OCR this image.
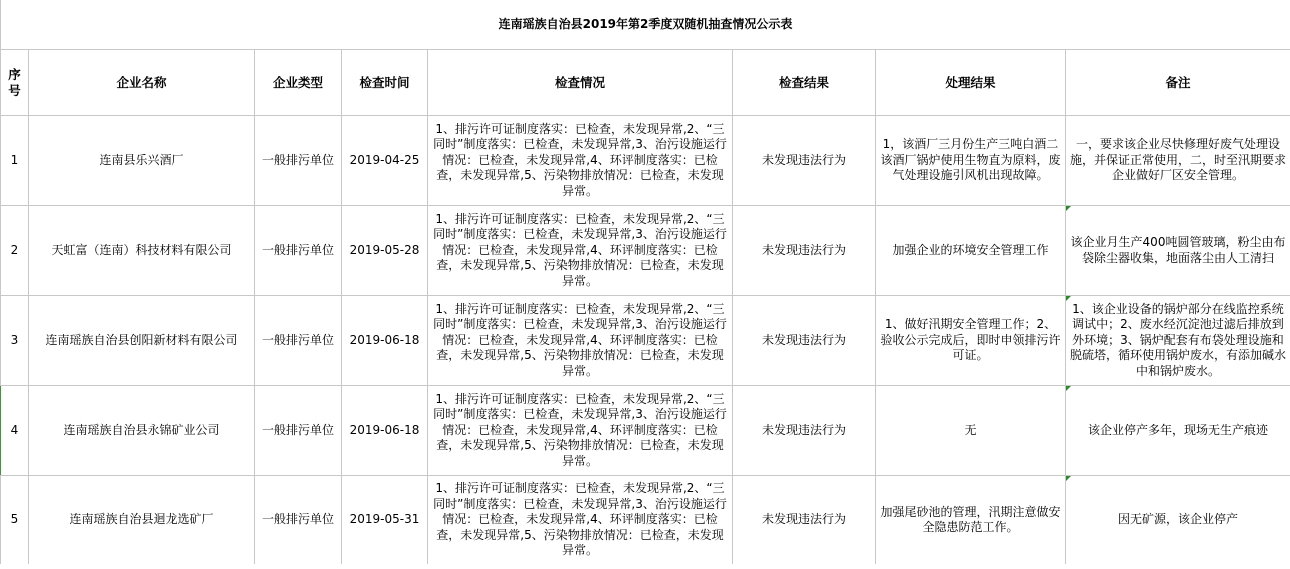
连南瑶族自治县2019年第2季度双随机抽查情况公示表							
序号	企业名称	企业类型	检查时间	检查情况	检查结果	处理结果	备注
1	连南县乐兴酒厂	一般排污单位	2019-04-25	1、排污许可证制度落实：已检查，未发现异常,2、“三同时”制度落实：已检查，未发现异常,3、治污设施运行情况：已检查，未发现异常,4、环评制度落实：已检查，未发现异常,5、污染物排放情况：已检查，未发现异常。	未发现违法行为	1，该酒厂三月份生产三吨白酒二该酒厂锅炉使用生物直为原料，废气处理设施引风机出现故障。	一，要求该企业尽快修理好废气处理设施，并保证正常使用，二，时至汛期要求企业做好厂区安全管理。
2	天虹富（连南）科技材料有限公司	一般排污单位	2019-05-28	1、排污许可证制度落实：已检查，未发现异常,2、“三同时”制度落实：已检查，未发现异常,3、治污设施运行情况：已检查，未发现异常,4、环评制度落实：已检查，未发现异常,5、污染物排放情况：已检查，未发现异常。	未发现违法行为	加强企业的环境安全管理工作	该企业月生产400吨圆管玻璃，粉尘由布袋除尘器收集，地面落尘由人工清扫
3	连南瑶族自治县创阳新材料有限公司	一般排污单位	2019-06-18	1、排污许可证制度落实：已检查，未发现异常,2、“三同时”制度落实：已检查，未发现异常,3、治污设施运行情况：已检查，未发现异常,4、环评制度落实：已检查，未发现异常,5、污染物排放情况：已检查，未发现异常。	未发现违法行为	1、做好汛期安全管理工作；2、验收公示完成后，即时申领排污许可证。	1、该企业设备的锅炉部分在线监控系统调试中；2、废水经沉淀池过滤后排放到外环境；3、锅炉配套有布袋处理设施和脱硫塔，循环使用锅炉废水，有添加碱水中和锅炉废水。
4	连南瑶族自治县永锦矿业公司	一般排污单位	2019-06-18	1、排污许可证制度落实：已检查，未发现异常,2、“三同时”制度落实：已检查，未发现异常,3、治污设施运行情况：已检查，未发现异常,4、环评制度落实：已检查，未发现异常,5、污染物排放情况：已检查，未发现异常。	未发现违法行为	无	该企业停产多年，现场无生产痕迹
5	连南瑶族自治县迴龙选矿厂	一般排污单位	2019-05-31	1、排污许可证制度落实：已检查，未发现异常,2、“三同时”制度落实：已检查，未发现异常,3、治污设施运行情况：已检查，未发现异常,4、环评制度落实：已检查，未发现异常,5、污染物排放情况：已检查，未发现异常。	未发现违法行为	加强尾砂池的管理，汛期注意做安全隐患防范工作。	因无矿源，该企业停产
